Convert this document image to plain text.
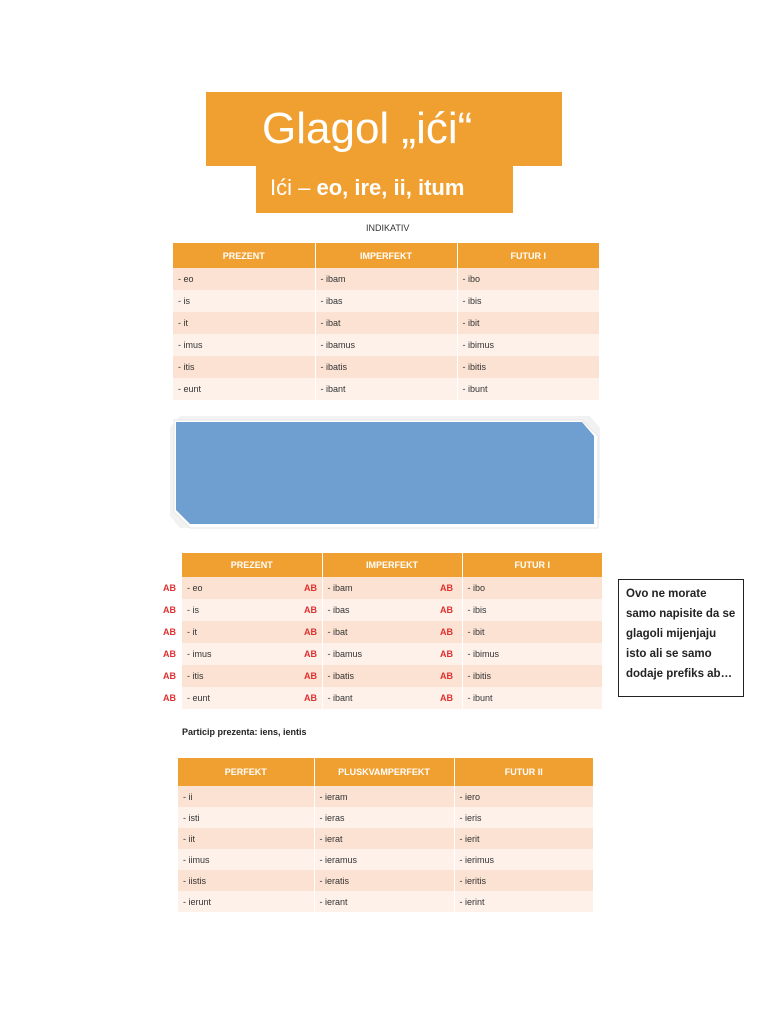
Glagol „ići“
Ići – eo, ire, ii, itum
INDIKATIV
PREZENT	IMPERFEKT	FUTUR I
- eo	- ibam	- ibo
- is	- ibas	- ibis
- it	- ibat	- ibit
- imus	- ibamus	- ibimus
- itis	- ibatis	- ibitis
- eunt	- ibant	- ibunt
PREZENT	IMPERFEKT	FUTUR I
- eo	- ibam	- ibo
- is	- ibas	- ibis
- it	- ibat	- ibit
- imus	- ibamus	- ibimus
- itis	- ibatis	- ibitis
- eunt	- ibant	- ibunt
AB	AB	AB
AB	AB	AB
AB	AB	AB
AB	AB	AB
AB	AB	AB
AB	AB	AB
Particip prezenta: iens, ientis
PERFEKT	PLUSKVAMPERFEKT	FUTUR II
- ii	- ieram	- iero
- isti	- ieras	- ieris
- iit	- ierat	- ierit
- iimus	- ieramus	- ierimus
- iistis	- ieratis	- ieritis
- ierunt	- ierant	- ierint
Ovo ne morate samo napisite da se glagoli mijenjaju isto ali se samo dodaje prefiks ab…
